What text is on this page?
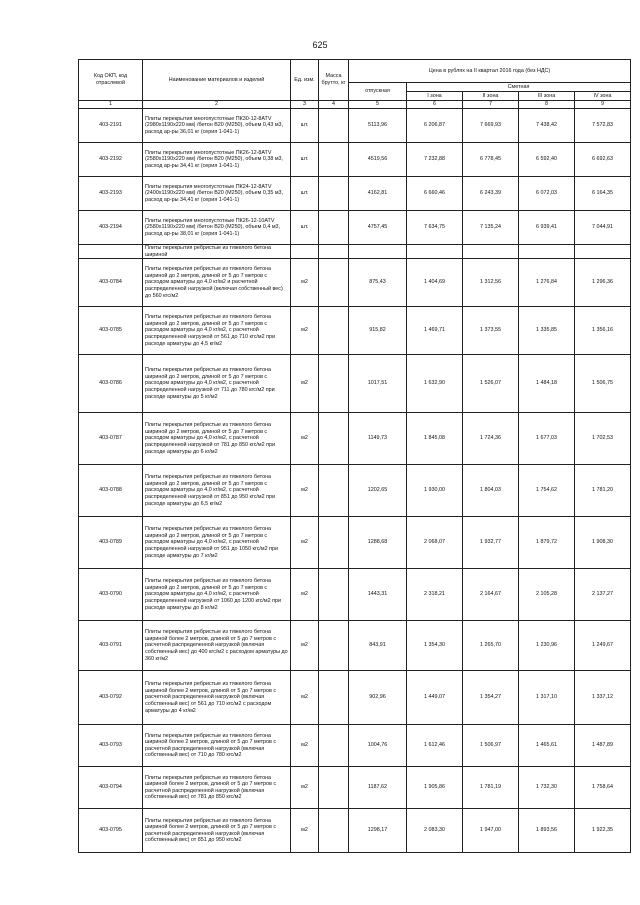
625
Код ОКП, код отраслевой	Наименование материалов и изделий	Ед. изм.	Масса брутто, кг	Цена в рублях на II квартал 2016 года (без НДС)				
				отпускная	Сметная			
					I зона	II зона	III зона	IV зона
1	2	3	4	5	6	7	8	9
403-2191	Плиты перекрытия многопустотные ПК30-12-8АТV (2980х1190х220 мм) /бетон В20 (М250), объем 0,43 м3, расход ар-ры 36,01 кг (серия 1-041-1)	шт.		5113,96	6 206,87	7 669,93	7 438,42	7 572,83
403-2192	Плиты перекрытия многопустотные ПК26-12-8АТV (2580х1190х220 мм) /бетон В20 (М250), объем 0,38 м3, расход ар-ры 34,41 кг (серия 1-041-1)	шт.		4519,56	7 232,88	6 778,45	6 592,40	6 692,63
403-2193	Плиты перекрытия многопустотные ПК24-12-8АТV (2400х1190х220 мм) /бетон В20 (М250), объем 0,35 м3, расход ар-ры 34,41 кг (серия 1-041-1)	шт.		4162,81	6 660,46	6 243,39	6 072,03	6 164,35
403-2194	Плиты перекрытия многопустотные ПК26-12-10АТV (2580х1190х220 мм) /бетон В20 (М250), объем 0,4 м3, расход ар-ры 38,01 кг (серия 1-041-1)	шт.		4757,45	7 634,75	7 135,24	6 939,41	7 044,91
	Плиты перекрытия ребристые из тяжелого бетона шириной							
403-0784	Плиты перекрытия ребристые из тяжелого бетона шириной до 2 метров, длиной от 5 до 7 метров с расходом арматуры до 4,0 кг/м2 и расчетной распределенной нагрузкой (включая собственный вес) до 560 кгс/м2	м2		875,43	1 404,69	1 312,56	1 276,84	1 296,36
403-0785	Плиты перекрытия ребристые из тяжелого бетона шириной до 2 метров, длиной от 5 до 7 метров с расходом арматуры до 4,0 кг/м2, с расчетной распределенной нагрузкой от 561 до 710 кгс/м2 при расходе арматуры до 4,5 кг/м2	м2		915,82	1 469,71	1 373,55	1 335,85	1 356,16
403-0786	Плиты перекрытия ребристые из тяжелого бетона шириной до 2 метров, длиной от 5 до 7 метров с расходом арматуры до 4,0 кг/м2, с расчетной распределенной нагрузкой от 711 до 780 кгс/м2 при расходе арматуры до 5 кг/м2	м2		1017,51	1 632,90	1 526,07	1 484,18	1 506,75
403-0787	Плиты перекрытия ребристые из тяжелого бетона шириной до 2 метров, длиной от 5 до 7 метров с расходом арматуры до 4,0 кг/м2, с расчетной распределенной нагрузкой от 781 до 850 кгс/м2 при расходе арматуры до 6 кг/м2	м2		1149,73	1 845,08	1 724,36	1 677,03	1 702,53
403-0788	Плиты перекрытия ребристые из тяжелого бетона шириной до 2 метров, длиной от 5 до 7 метров с расходом арматуры до 4,0 кг/м2, с расчетной распределенной нагрузкой от 851 до 950 кгс/м2 при расходе арматуры до 6,5 кг/м2	м2		1202,65	1 930,00	1 804,03	1 754,62	1 781,20
403-0789	Плиты перекрытия ребристые из тяжелого бетона шириной до 2 метров, длиной от 5 до 7 метров с расходом арматуры до 4,0 кг/м2, с расчетной распределенной нагрузкой от 951 до 1050 кгс/м2 при расходе арматуры до 7 кг/м2	м2		1288,68	2 068,07	1 932,77	1 879,72	1 908,30
403-0790	Плиты перекрытия ребристые из тяжелого бетона шириной до 2 метров, длиной от 5 до 7 метров с расходом арматуры до 4,0 кг/м2, с расчетной распределенной нагрузкой от 1060 до 1200 кгс/м2 при расходе арматуры до 8 кг/м2	м2		1443,31	2 318,21	2 164,67	2 105,28	2 137,27
403-0791	Плиты перекрытия ребристые из тяжелого бетона шириной более 2 метров, длиной от 5 до 7 метров с расчетной распределенной нагрузкой (включая собственный вес) до 400 кгс/м2 с расходом арматуры до 360 кг/м2	м2		843,91	1 354,30	1 265,70	1 230,96	1 249,67
403-0792	Плиты перекрытия ребристые из тяжелого бетона шириной более 2 метров, длиной от 5 до 7 метров с расчетной распределенной нагрузкой (включая собственный вес) от 561 до 710 кгс/м2 с расходом арматуры до 4 кг/м2	м2		902,96	1 449,07	1 354,27	1 317,10	1 337,12
403-0793	Плиты перекрытия ребристые из тяжелого бетона шириной более 2 метров, длиной от 5 до 7 метров с расчетной распределенной нагрузкой (включая собственный вес) от 710 до 780 кгс/м2	м2		1004,76	1 612,46	1 506,97	1 465,61	1 487,89
403-0794	Плиты перекрытия ребристые из тяжелого бетона шириной более 2 метров, длиной от 5 до 7 метров с расчетной распределенной нагрузкой (включая собственный вес) от 781 до 850 кгс/м2	м2		1187,62	1 905,86	1 781,19	1 732,30	1 758,64
403-0795	Плиты перекрытия ребристые из тяжелого бетона шириной более 2 метров, длиной от 5 до 7 метров с расчетной распределенной нагрузкой (включая собственный вес) от 851 до 950 кгс/м2	м2		1298,17	2 083,30	1 947,00	1 893,56	1 922,35
